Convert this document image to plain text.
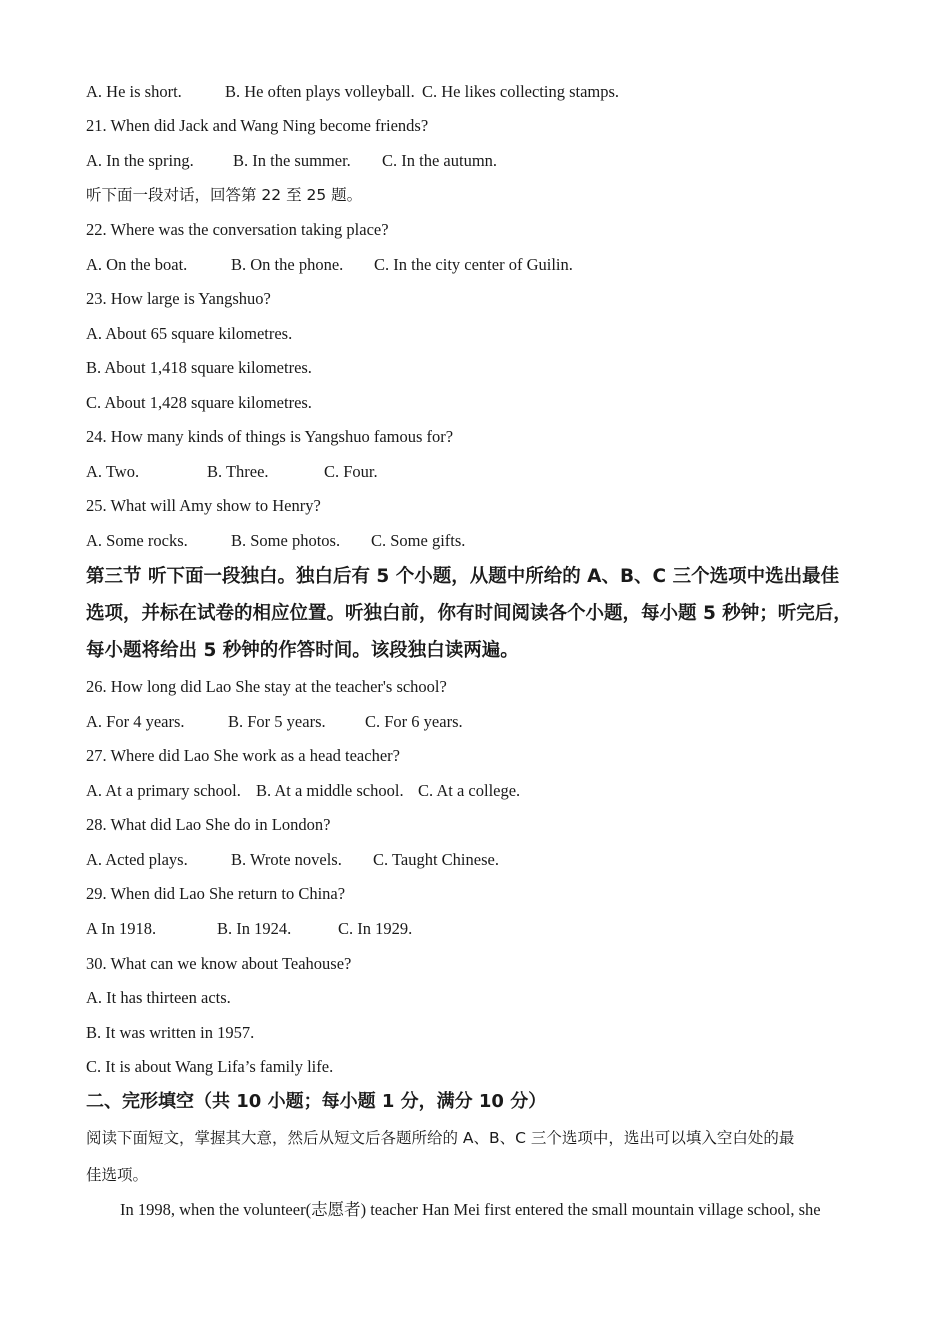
A. He is short.	B. He often plays volleyball. C. He likes collecting stamps.
21. When did Jack and Wang Ning become friends?
A. In the spring. B. In the summer. C. In the autumn.
听下面一段对话，回答第 22 至 25 题。
22. Where was the conversation taking place?
A. On the boat.	B. On the phone. C. In the city center of Guilin.
23. How large is Yangshuo?
A. About 65 square kilometres.
B. About 1,418 square kilometres.
C. About 1,428 square kilometres.
24. How many kinds of things is Yangshuo famous for?
A. Two.	B. Three.	C. Four.
25. What will Amy show to Henry?
A. Some rocks.	B. Some photos. C. Some gifts.
第三节 听下面一段独白。独白后有 5 个小题，从题中所给的 A、B、C 三个选项中选出最佳
选项，并标在试卷的相应位置。听独白前，你有时间阅读各个小题，每小题 5 秒钟；听完后，
每小题将给出 5 秒钟的作答时间。该段独白读两遍。
26. How long did Lao She stay at the teacher's school?
A. For 4 years.	B. For 5 years. C. For 6 years.
27. Where did Lao She work as a head teacher?
A. At a primary school. B. At a middle school. C. At a college.
28. What did Lao She do in London?
A. Acted plays.	B. Wrote novels. C. Taught Chinese.
29. When did Lao She return to China?
A In 1918.	B. In 1924.	C. In 1929.
30. What can we know about Teahouse?
A. It has thirteen acts.
B. It was written in 1957.
C. It is about Wang Lifa’s family life.
二、完形填空（共 10 小题；每小题 1 分，满分 10 分）
阅读下面短文，掌握其大意，然后从短文后各题所给的 A、B、C 三个选项中，选出可以填入空白处的最
佳选项。
In 1998, when the volunteer(志愿者) teacher Han Mei first entered the small mountain village school, she
